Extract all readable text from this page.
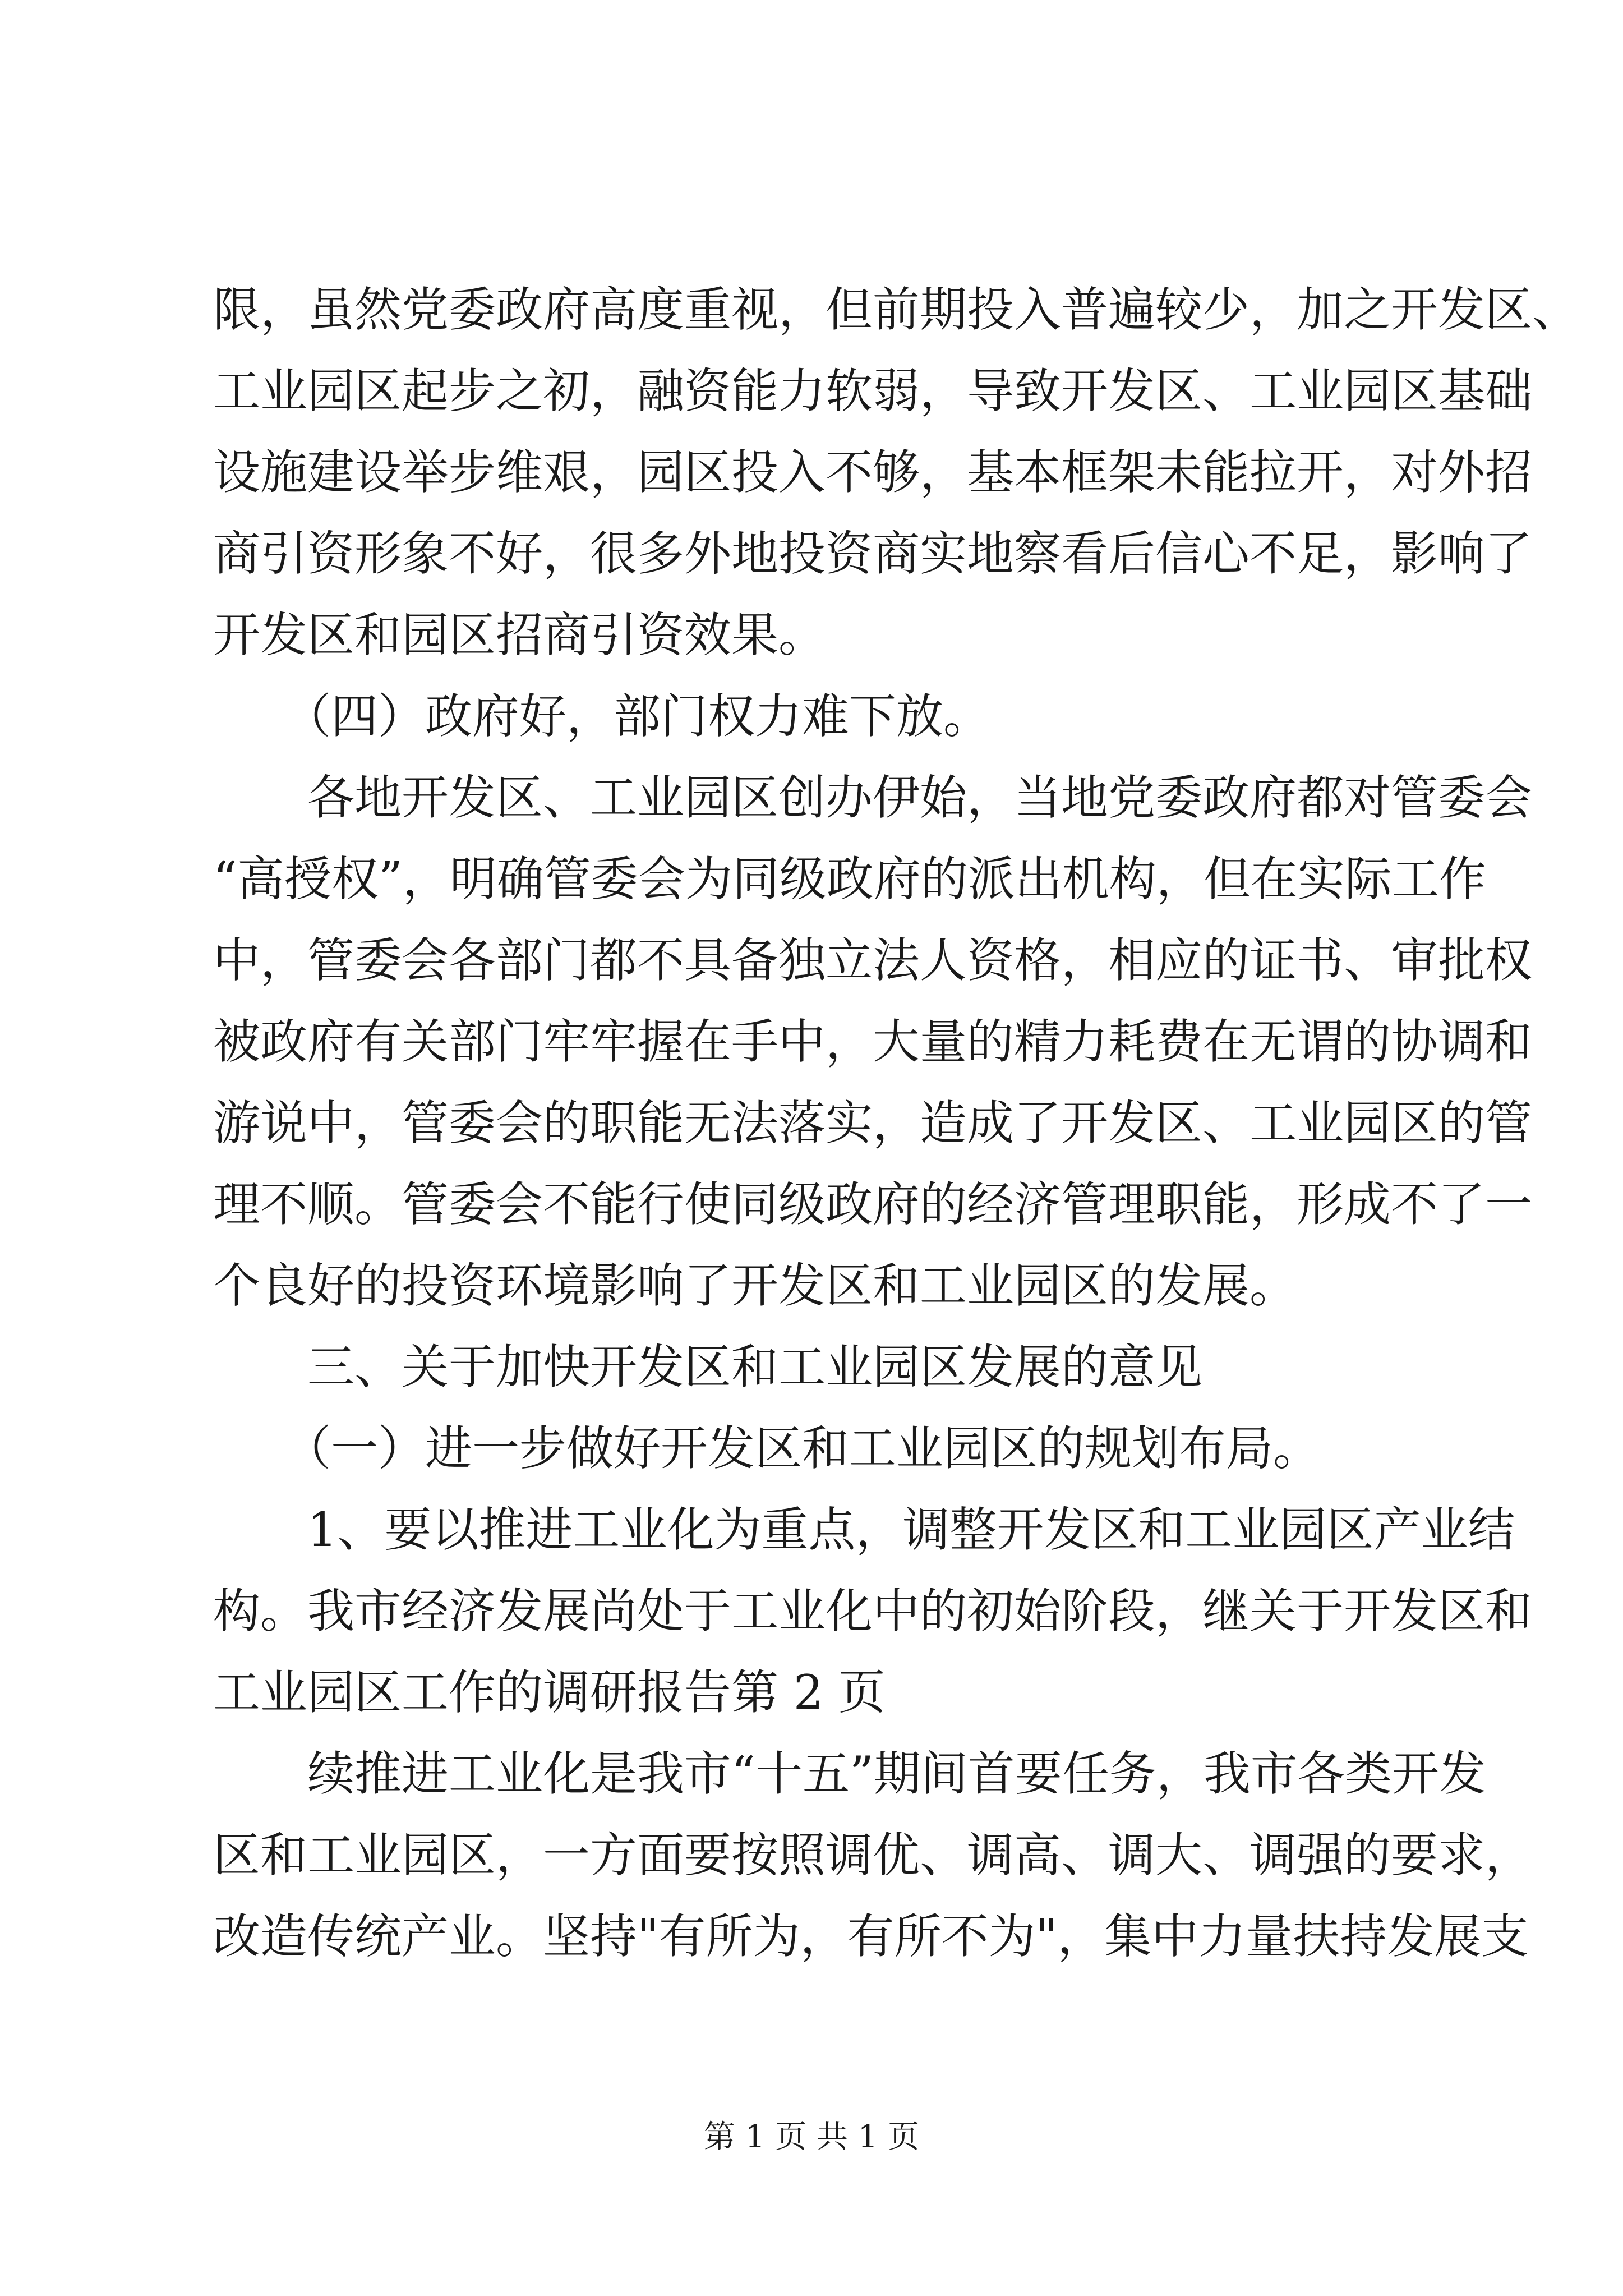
限，虽然党委政府高度重视，但前期投入普遍较少，加之开发区、
工业园区起步之初，融资能力软弱，导致开发区、工业园区基础
设施建设举步维艰，园区投入不够，基本框架未能拉开，对外招
商引资形象不好，很多外地投资商实地察看后信心不足，影响了
开发区和园区招商引资效果。
　　（四）政府好，部门权力难下放。
　　各地开发区、工业园区创办伊始，当地党委政府都对管委会
“高授权”，明确管委会为同级政府的派出机构，但在实际工作
中，管委会各部门都不具备独立法人资格，相应的证书、审批权
被政府有关部门牢牢握在手中，大量的精力耗费在无谓的协调和
游说中，管委会的职能无法落实，造成了开发区、工业园区的管
理不顺。管委会不能行使同级政府的经济管理职能，形成不了一
个良好的投资环境影响了开发区和工业园区的发展。
　　三、关于加快开发区和工业园区发展的意见
　　（一）进一步做好开发区和工业园区的规划布局。
　　1、要以推进工业化为重点，调整开发区和工业园区产业结
构。我市经济发展尚处于工业化中的初始阶段，继关于开发区和
工业园区工作的调研报告第 2 页
　　续推进工业化是我市“十五”期间首要任务，我市各类开发
区和工业园区，一方面要按照调优、调高、调大、调强的要求，
改造传统产业。坚持"有所为，有所不为"，集中力量扶持发展支
第 1 页 共 1 页
